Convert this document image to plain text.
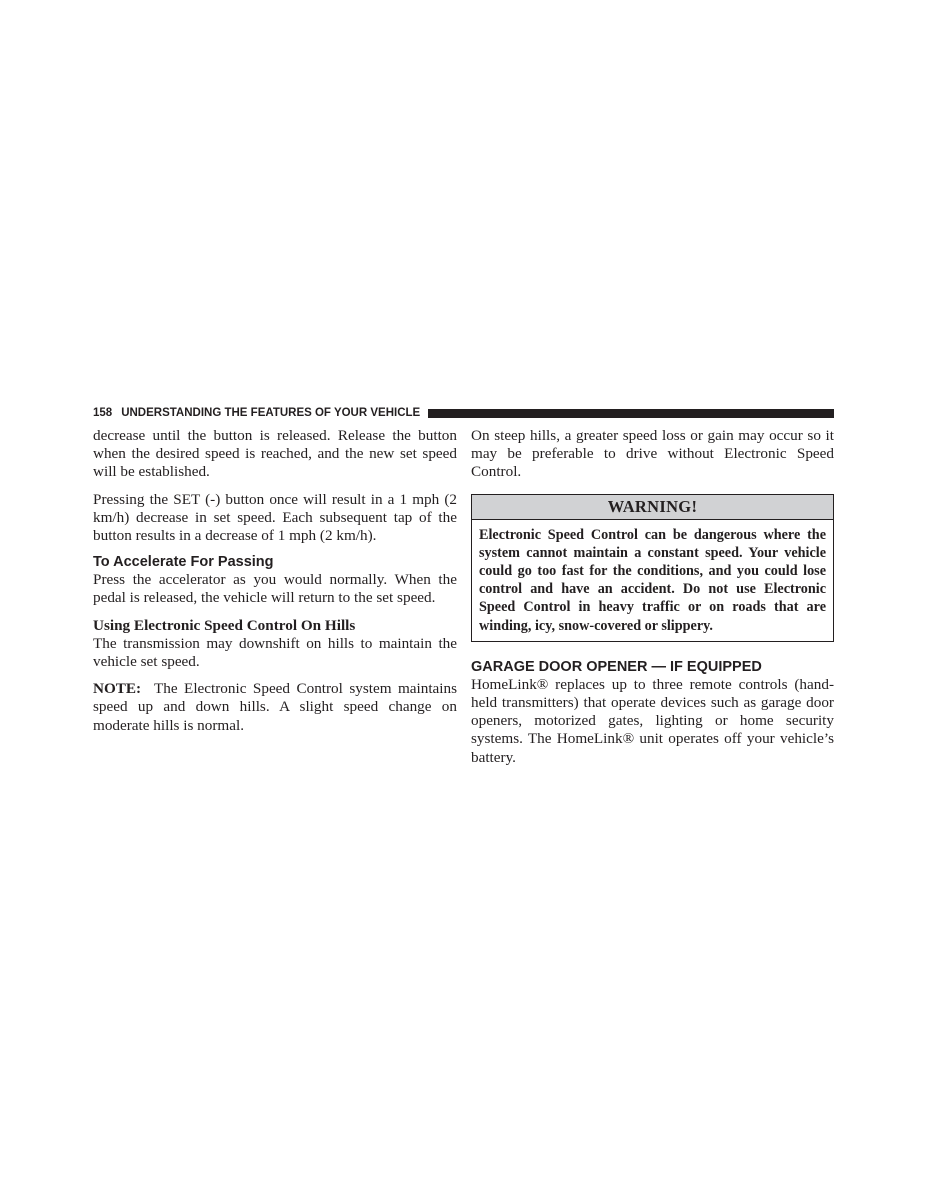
158 UNDERSTANDING THE FEATURES OF YOUR VEHICLE

decrease until the button is released. Release the button when the desired speed is reached, and the new set speed will be established.

Pressing the SET (-) button once will result in a 1 mph (2 km/h) decrease in set speed. Each subsequent tap of the button results in a decrease of 1 mph (2 km/h).

To Accelerate For Passing

Press the accelerator as you would normally. When the pedal is released, the vehicle will return to the set speed.

Using Electronic Speed Control On Hills

The transmission may downshift on hills to maintain the vehicle set speed.

NOTE: The Electronic Speed Control system maintains speed up and down hills. A slight speed change on moderate hills is normal.

On steep hills, a greater speed loss or gain may occur so it may be preferable to drive without Electronic Speed Control.

WARNING!
Electronic Speed Control can be dangerous where the system cannot maintain a constant speed. Your vehicle could go too fast for the conditions, and you could lose control and have an accident. Do not use Electronic Speed Control in heavy traffic or on roads that are winding, icy, snow-covered or slippery.
GARAGE DOOR OPENER — IF EQUIPPED

HomeLink® replaces up to three remote controls (hand-held transmitters) that operate devices such as garage door openers, motorized gates, lighting or home security systems. The HomeLink® unit operates off your vehicle’s battery.
